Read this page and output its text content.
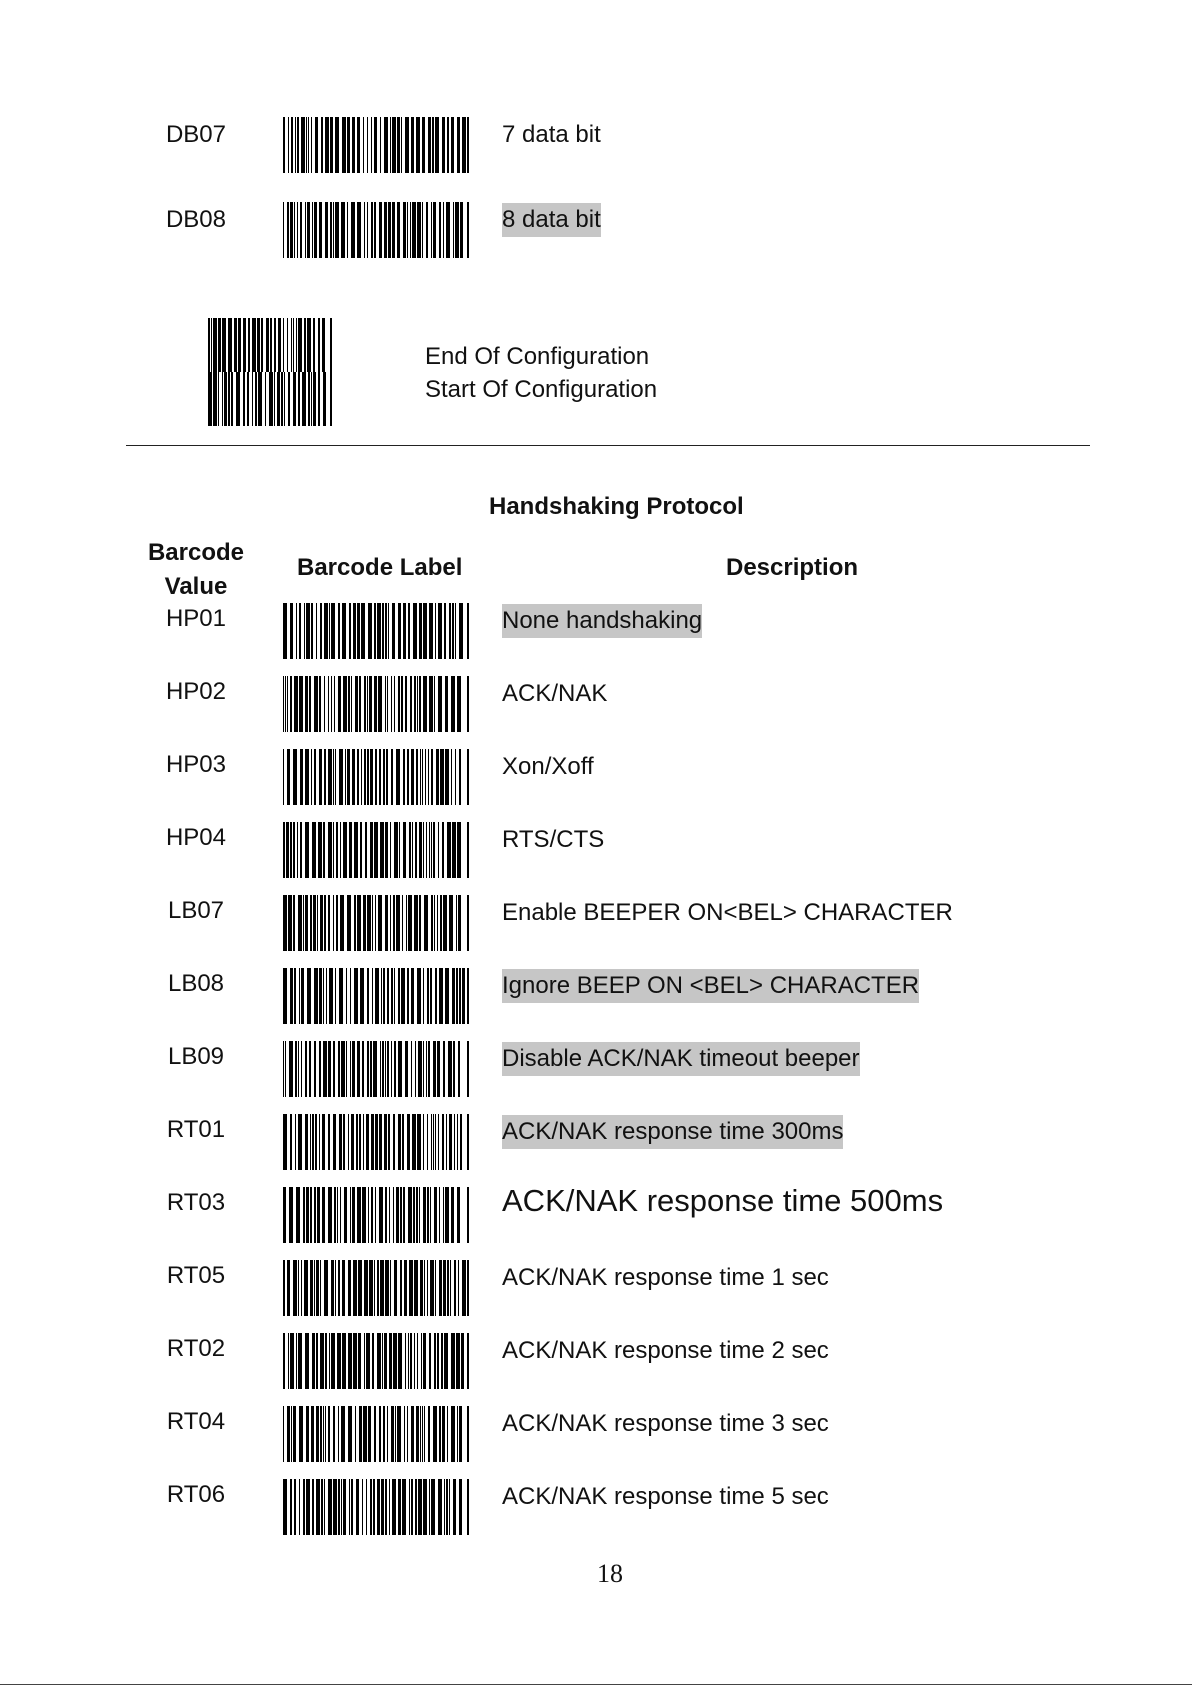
DB07	7 data bit
DB08	8 data bit
End Of Configuration
Start Of Configuration
Handshaking Protocol
Barcode
Value
Barcode Label	Description
HP01	None handshaking
HP02	ACK/NAK
HP03	Xon/Xoff
HP04	RTS/CTS
LB07	Enable BEEPER ON<BEL> CHARACTER
LB08	Ignore BEEP ON <BEL> CHARACTER
LB09	Disable ACK/NAK timeout beeper
RT01	ACK/NAK response time 300ms
RT03	ACK/NAK response time 500ms
RT05	ACK/NAK response time 1 sec
RT02	ACK/NAK response time 2 sec
RT04	ACK/NAK response time 3 sec
RT06	ACK/NAK response time 5 sec
18
